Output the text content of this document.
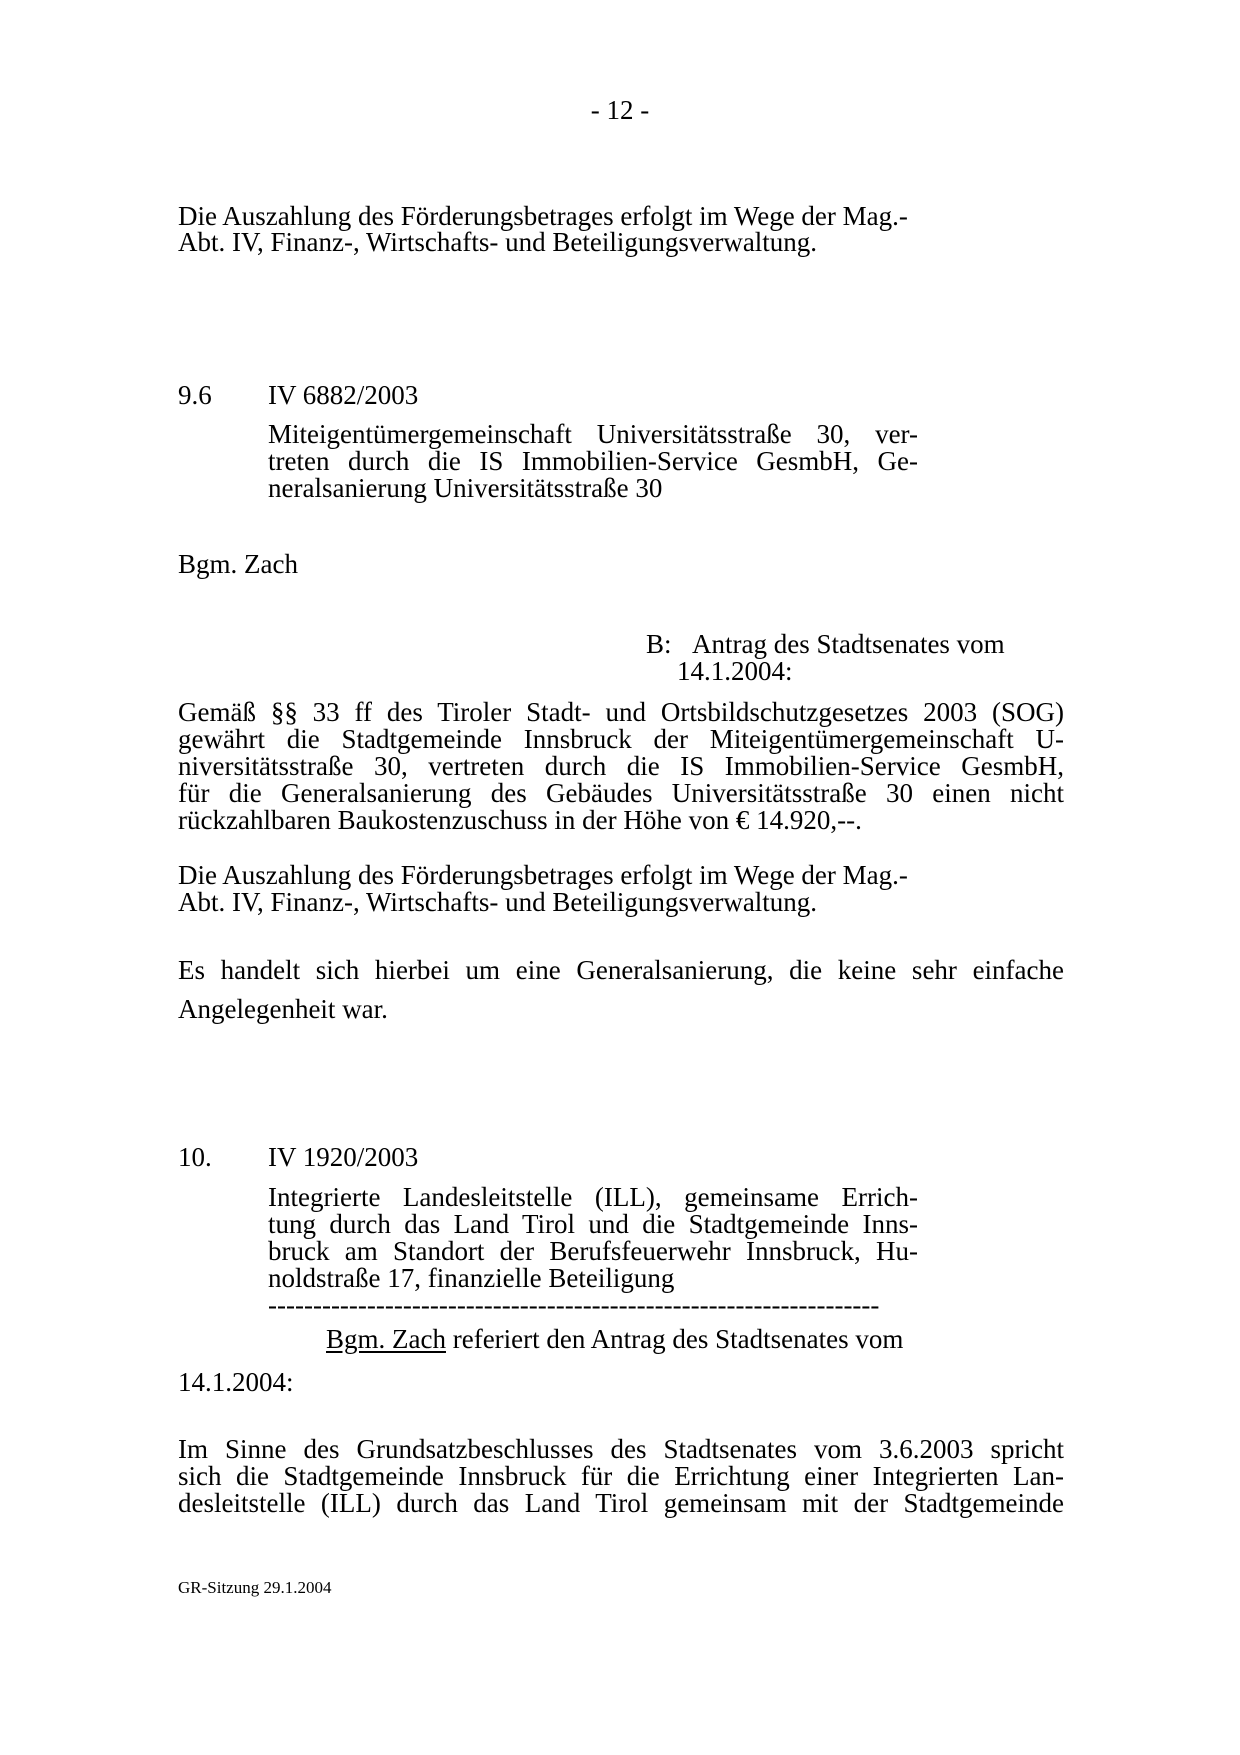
- 12 -
Die Auszahlung des Förderungsbetrages erfolgt im Wege der Mag.-
Abt. IV, Finanz-, Wirtschafts- und Beteiligungsverwaltung.
9.6 IV 6882/2003
Miteigentümergemeinschaft Universitätsstraße 30, ver-
treten durch die IS Immobilien-Service GesmbH, Ge-
neralsanierung Universitätsstraße 30
Bgm. Zach
B: Antrag des Stadtsenates vom
14.1.2004:
Gemäß §§ 33 ff des Tiroler Stadt- und Ortsbildschutzgesetzes 2003 (SOG)
gewährt die Stadtgemeinde Innsbruck der Miteigentümergemeinschaft U-
niversitätsstraße 30, vertreten durch die IS Immobilien-Service GesmbH,
für die Generalsanierung des Gebäudes Universitätsstraße 30 einen nicht
rückzahlbaren Baukostenzuschuss in der Höhe von € 14.920,--.
Die Auszahlung des Förderungsbetrages erfolgt im Wege der Mag.-
Abt. IV, Finanz-, Wirtschafts- und Beteiligungsverwaltung.
Es handelt sich hierbei um eine Generalsanierung, die keine sehr einfache
Angelegenheit war.
10. IV 1920/2003
Integrierte Landesleitstelle (ILL), gemeinsame Errich-
tung durch das Land Tirol und die Stadtgemeinde Inns-
bruck am Standort der Berufsfeuerwehr Innsbruck, Hu-
noldstraße 17, finanzielle Beteiligung
--------------------------------------------------------------------
Bgm. Zach referiert den Antrag des Stadtsenates vom
14.1.2004:
Im Sinne des Grundsatzbeschlusses des Stadtsenates vom 3.6.2003 spricht
sich die Stadtgemeinde Innsbruck für die Errichtung einer Integrierten Lan-
desleitstelle (ILL) durch das Land Tirol gemeinsam mit der Stadtgemeinde
GR-Sitzung 29.1.2004
